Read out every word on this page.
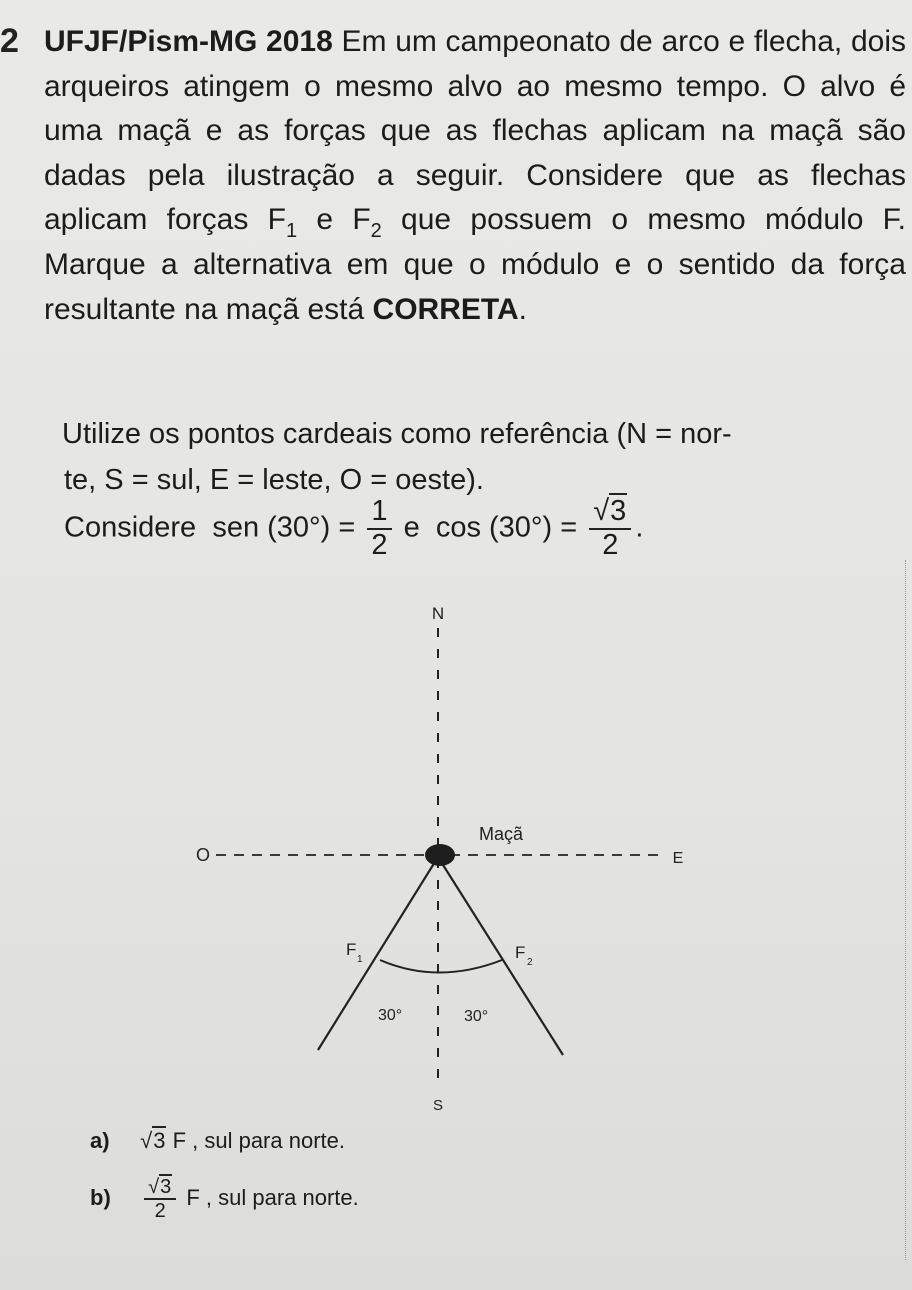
2 UFJF/Pism-MG 2018 Em um campeonato de arco e flecha, dois arqueiros atingem o mesmo alvo ao mesmo tempo. O alvo é uma maçã e as forças que as flechas aplicam na maçã são dadas pela ilustração a seguir. Considere que as flechas aplicam forças $F_1$ e $F_2$ que possuem o mesmo módulo F. Marque a alternativa em que o módulo e o sentido da força resultante na maçã está CORRETA.
Utilize os pontos cardeais como referência (N = nor-
te, S = sul, E = leste, O = oeste).
Considere sen $(30^\circ) = \frac{1}{2}$ e $\cos (30^\circ) = \frac{√3}{2}$ .
N
S
O	E
Maçã
F
1	F
2
30°	30°
a) √3 F , sul para norte.
$b) \frac{√3}{2}$ F , sul para norte.
